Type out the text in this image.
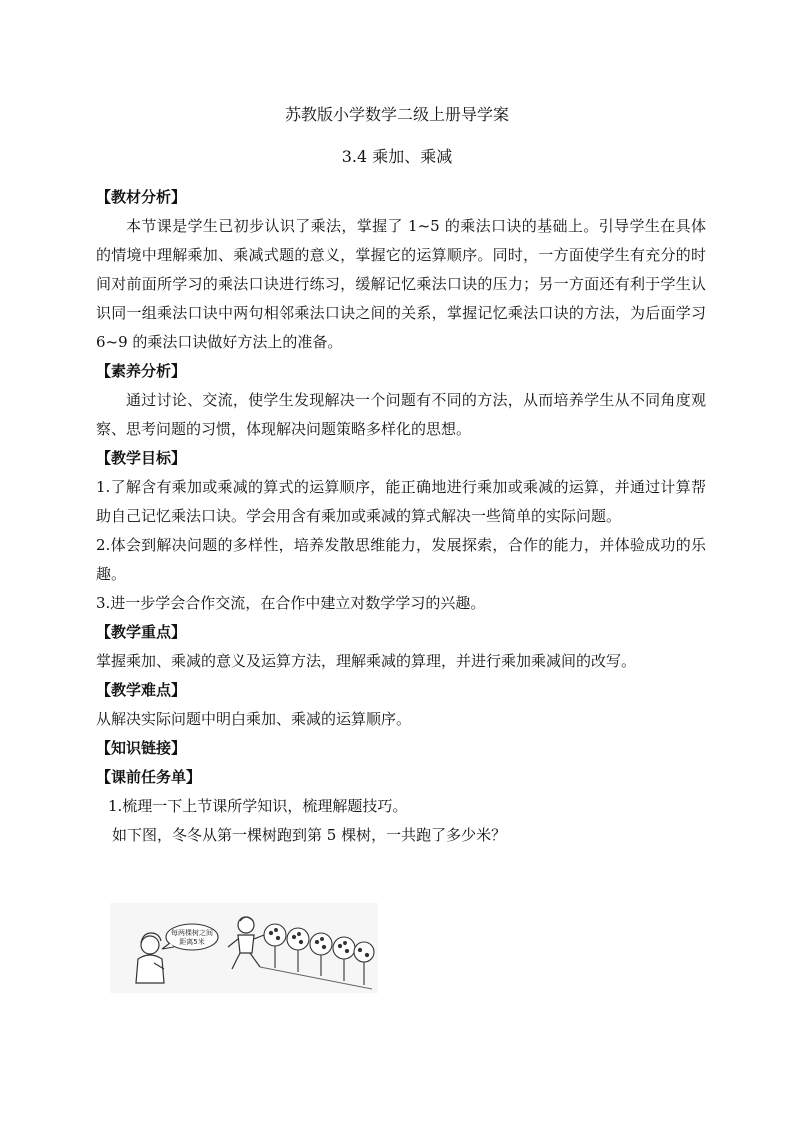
苏教版小学数学二级上册导学案
3.4 乘加、乘减

【教材分析】

本节课是学生已初步认识了乘法，掌握了 1~5 的乘法口诀的基础上。引导学生在具体的情境中理解乘加、乘减式题的意义，掌握它的运算顺序。同时，一方面使学生有充分的时间对前面所学习的乘法口诀进行练习，缓解记忆乘法口诀的压力；另一方面还有利于学生认识同一组乘法口诀中两句相邻乘法口诀之间的关系，掌握记忆乘法口诀的方法，为后面学习 6~9 的乘法口诀做好方法上的准备。

【素养分析】

通过讨论、交流，使学生发现解决一个问题有不同的方法，从而培养学生从不同角度观察、思考问题的习惯，体现解决问题策略多样化的思想。

【教学目标】

1.了解含有乘加或乘减的算式的运算顺序，能正确地进行乘加或乘减的运算，并通过计算帮助自己记忆乘法口诀。学会用含有乘加或乘减的算式解决一些简单的实际问题。

2.体会到解决问题的多样性，培养发散思维能力，发展探索，合作的能力，并体验成功的乐趣。

3.进一步学会合作交流，在合作中建立对数学学习的兴趣。

【教学重点】

掌握乘加、乘减的意义及运算方法，理解乘减的算理，并进行乘加乘减间的改写。

【教学难点】

从解决实际问题中明白乘加、乘减的运算顺序。

【知识链接】

【课前任务单】

1.梳理一下上节课所学知识，梳理解题技巧。

如下图，冬冬从第一棵树跑到第 5 棵树，一共跑了多少米？

每两棵树之间
距离5米
